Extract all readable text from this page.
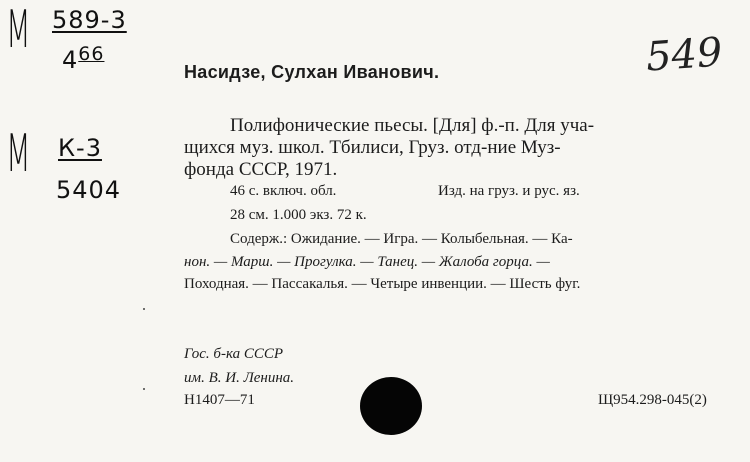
М 589-3
$4^{66}$
М К-3
5404
549
Насидзе, Сулхан Иванович.
Полифонические пьесы. [Для] ф.-п. Для уча-
щихся муз. школ. Тбилиси, Груз. отд-ние Муз-
фонда СССР, 1971.
46 с. включ. обл.	Изд. на груз. и рус. яз.
28 см. 1.000 экз. 72 к.
Содерж.: Ожидание. — Игра. — Колыбельная. — Ка-
нон. — Марш. — Прогулка. — Танец. — Жалоба горца. —
Походная. — Пассакалья. — Четыре инвенции. — Шесть фуг.
Гос. б-ка СССР
им. В. И. Ленина.
Н1407—71	Щ954.298-045(2)
